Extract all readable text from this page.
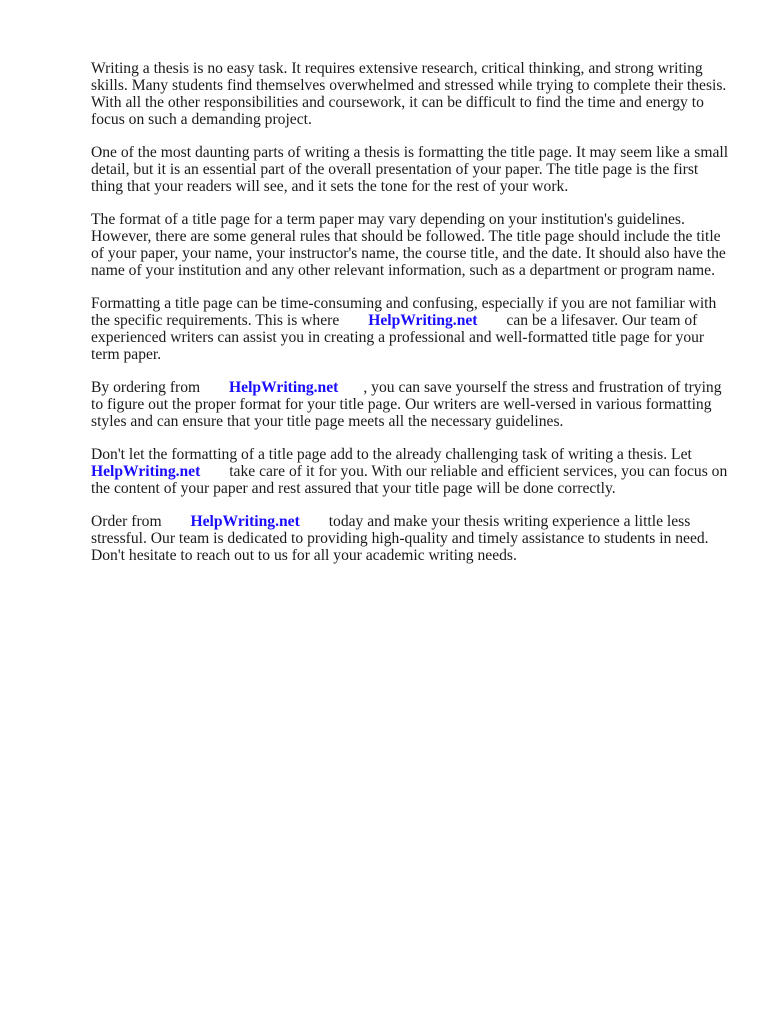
Writing a thesis is no easy task. It requires extensive research, critical thinking, and strong writing skills. Many students find themselves overwhelmed and stressed while trying to complete their thesis. With all the other responsibilities and coursework, it can be difficult to find the time and energy to focus on such a demanding project.

One of the most daunting parts of writing a thesis is formatting the title page. It may seem like a small detail, but it is an essential part of the overall presentation of your paper. The title page is the first thing that your readers will see, and it sets the tone for the rest of your work.

The format of a title page for a term paper may vary depending on your institution's guidelines. However, there are some general rules that should be followed. The title page should include the title of your paper, your name, your instructor's name, the course title, and the date. It should also have the name of your institution and any other relevant information, such as a department or program name.

Formatting a title page can be time-consuming and confusing, especially if you are not familiar with the specific requirements. This is where HelpWriting.net can be a lifesaver. Our team of experienced writers can assist you in creating a professional and well-formatted title page for your term paper.

By ordering from HelpWriting.net , you can save yourself the stress and frustration of trying to figure out the proper format for your title page. Our writers are well-versed in various formatting styles and can ensure that your title page meets all the necessary guidelines.

Don't let the formatting of a title page add to the already challenging task of writing a thesis. Let HelpWriting.net take care of it for you. With our reliable and efficient services, you can focus on the content of your paper and rest assured that your title page will be done correctly.

Order from HelpWriting.net today and make your thesis writing experience a little less stressful. Our team is dedicated to providing high-quality and timely assistance to students in need. Don't hesitate to reach out to us for all your academic writing needs.
